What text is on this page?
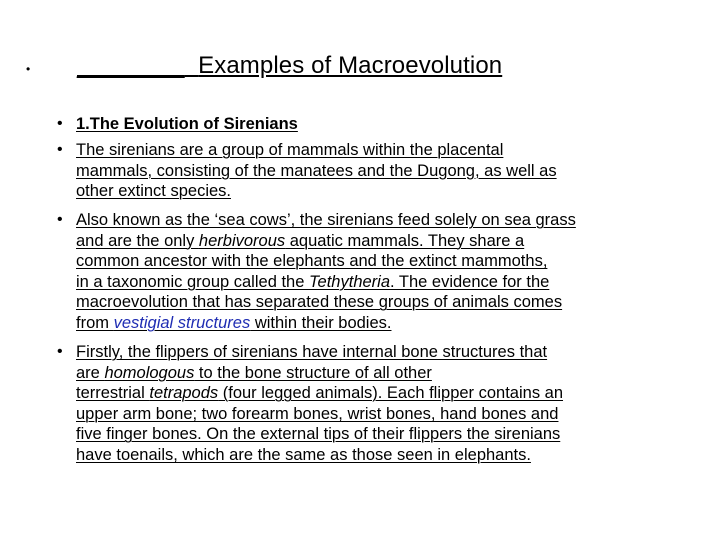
• ________ Examples of Macroevolution
• 1.The Evolution of Sirenians
• The sirenians are a group of mammals within the placental
mammals, consisting of the manatees and the Dugong, as well as
other extinct species.
• Also known as the ‘sea cows’, the sirenians feed solely on sea grass
and are the only herbivorous aquatic mammals. They share a
common ancestor with the elephants and the extinct mammoths,
in a taxonomic group called the Tethytheria. The evidence for the
macroevolution that has separated these groups of animals comes
from vestigial structures within their bodies.
• Firstly, the flippers of sirenians have internal bone structures that
are homologous to the bone structure of all other
terrestrial tetrapods (four legged animals). Each flipper contains an
upper arm bone; two forearm bones, wrist bones, hand bones and
five finger bones. On the external tips of their flippers the sirenians
have toenails, which are the same as those seen in elephants.
